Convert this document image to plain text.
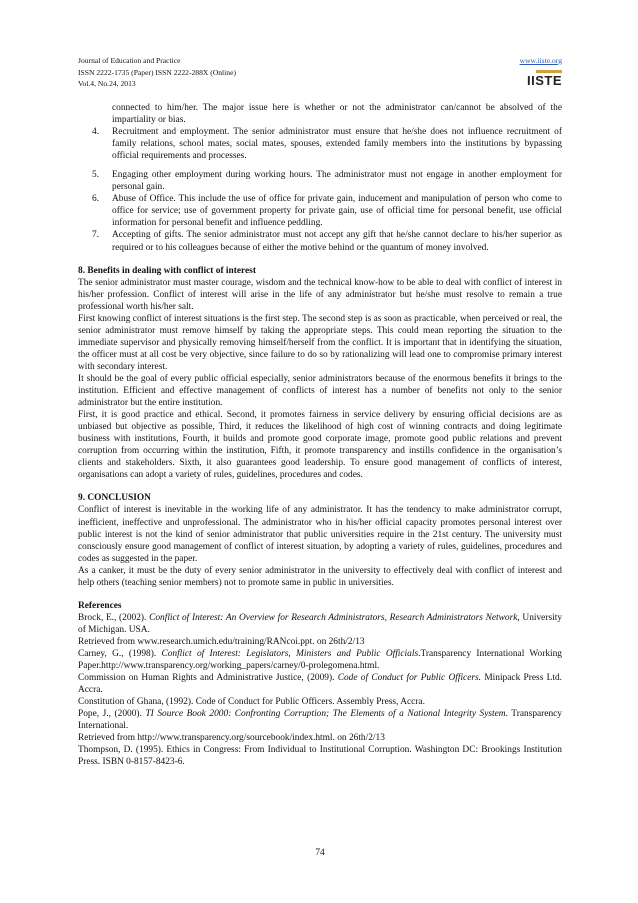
Journal of Education and Practice
ISSN 2222-1735 (Paper) ISSN 2222-288X (Online)
Vol.4, No.24, 2013
www.iiste.org

IISTE

connected to him/her. The major issue here is whether or not the administrator can/cannot be absolved of the impartiality or bias.

4. Recruitment and employment. The senior administrator must ensure that he/she does not influence recruitment of family relations, school mates, social mates, spouses, extended family members into the institutions by bypassing official requirements and processes.
5. Engaging other employment during working hours. The administrator must not engage in another employment for personal gain.
6. Abuse of Office. This include the use of office for private gain, inducement and manipulation of person who come to office for service; use of government property for private gain, use of official time for personal benefit, use official information for personal benefit and influence peddling.
7. Accepting of gifts. The senior administrator must not accept any gift that he/she cannot declare to his/her superior as required or to his colleagues because of either the motive behind or the quantum of money involved.

8. Benefits in dealing with conflict of interest

The senior administrator must master courage, wisdom and the technical know-how to be able to deal with conflict of interest in his/her profession. Conflict of interest will arise in the life of any administrator but he/she must resolve to remain a true professional worth his/her salt.

First knowing conflict of interest situations is the first step. The second step is as soon as practicable, when perceived or real, the senior administrator must remove himself by taking the appropriate steps. This could mean reporting the situation to the immediate supervisor and physically removing himself/herself from the conflict. It is important that in identifying the situation, the officer must at all cost be very objective, since failure to do so by rationalizing will lead one to compromise primary interest with secondary interest.

It should be the goal of every public official especially, senior administrators because of the enormous benefits it brings to the institution. Efficient and effective management of conflicts of interest has a number of benefits not only to the senior administrator but the entire institution.

First, it is good practice and ethical. Second, it promotes fairness in service delivery by ensuring official decisions are as unbiased but objective as possible, Third, it reduces the likelihood of high cost of winning contracts and doing legitimate business with institutions, Fourth, it builds and promote good corporate image, promote good public relations and prevent corruption from occurring within the institution, Fifth, it promote transparency and instills confidence in the organisation’s clients and stakeholders. Sixth, it also guarantees good leadership. To ensure good management of conflicts of interest, organisations can adopt a variety of rules, guidelines, procedures and codes.

9. CONCLUSION

Conflict of interest is inevitable in the working life of any administrator. It has the tendency to make administrator corrupt, inefficient, ineffective and unprofessional. The administrator who in his/her official capacity promotes personal interest over public interest is not the kind of senior administrator that public universities require in the 21st century. The university must consciously ensure good management of conflict of interest situation, by adopting a variety of rules, guidelines, procedures and codes as suggested in the paper.

As a canker, it must be the duty of every senior administrator in the university to effectively deal with conflict of interest and help others (teaching senior members) not to promote same in public in universities.

References

Brock, E., (2002). Conflict of Interest: An Overview for Research Administrators, Research Administrators Network, University of Michigan. USA.

Retrieved from www.research.umich.edu/training/RANcoi.ppt. on 26th/2/13

Carney, G., (1998). Conflict of Interest: Legislators, Ministers and Public Officials.Transparency International Working Paper.http://www.transparency.org/working_papers/carney/0-prolegomena.html.

Commission on Human Rights and Administrative Justice, (2009). Code of Conduct for Public Officers. Minipack Press Ltd. Accra.

Constitution of Ghana, (1992). Code of Conduct for Public Officers. Assembly Press, Accra.

Pope, J., (2000). TI Source Book 2000: Confronting Corruption; The Elements of a National Integrity System. Transparency International.

Retrieved from http://www.transparency.org/sourcebook/index.html. on 26th/2/13

Thompson, D. (1995). Ethics in Congress: From Individual to Institutional Corruption. Washington DC: Brookings Institution Press. ISBN 0-8157-8423-6.

74
